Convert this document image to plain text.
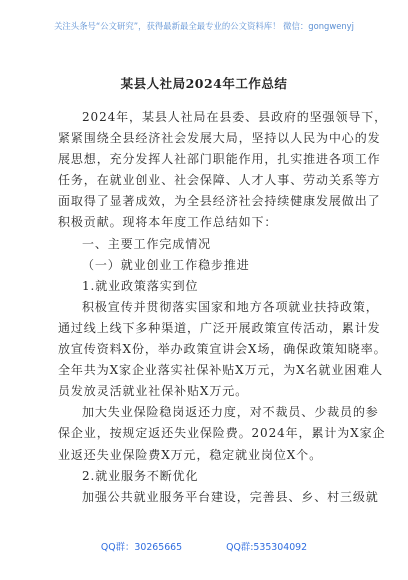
关注头条号“公文研究”，获得最新最全最专业的公文资料库！ 微信：gongwenyj
某县人社局2024年工作总结
2024年，某县人社局在县委、县政府的坚强领导下，
紧紧围绕全县经济社会发展大局，坚持以人民为中心的发
展思想，充分发挥人社部门职能作用，扎实推进各项工作
任务，在就业创业、社会保障、人才人事、劳动关系等方
面取得了显著成效，为全县经济社会持续健康发展做出了
积极贡献。现将本年度工作总结如下：
一、主要工作完成情况
（一）就业创业工作稳步推进
1.就业政策落实到位
积极宣传并贯彻落实国家和地方各项就业扶持政策，
通过线上线下多种渠道，广泛开展政策宣传活动，累计发
放宣传资料X份，举办政策宣讲会X场，确保政策知晓率。
全年共为X家企业落实社保补贴X万元，为X名就业困难人
员发放灵活就业社保补贴X万元。
加大失业保险稳岗返还力度，对不裁员、少裁员的参
保企业，按规定返还失业保险费。2024年，累计为X家企
业返还失业保险费X万元，稳定就业岗位X个。
2.就业服务不断优化
加强公共就业服务平台建设，完善县、乡、村三级就
QQ群：30265665	QQ群:535304092
